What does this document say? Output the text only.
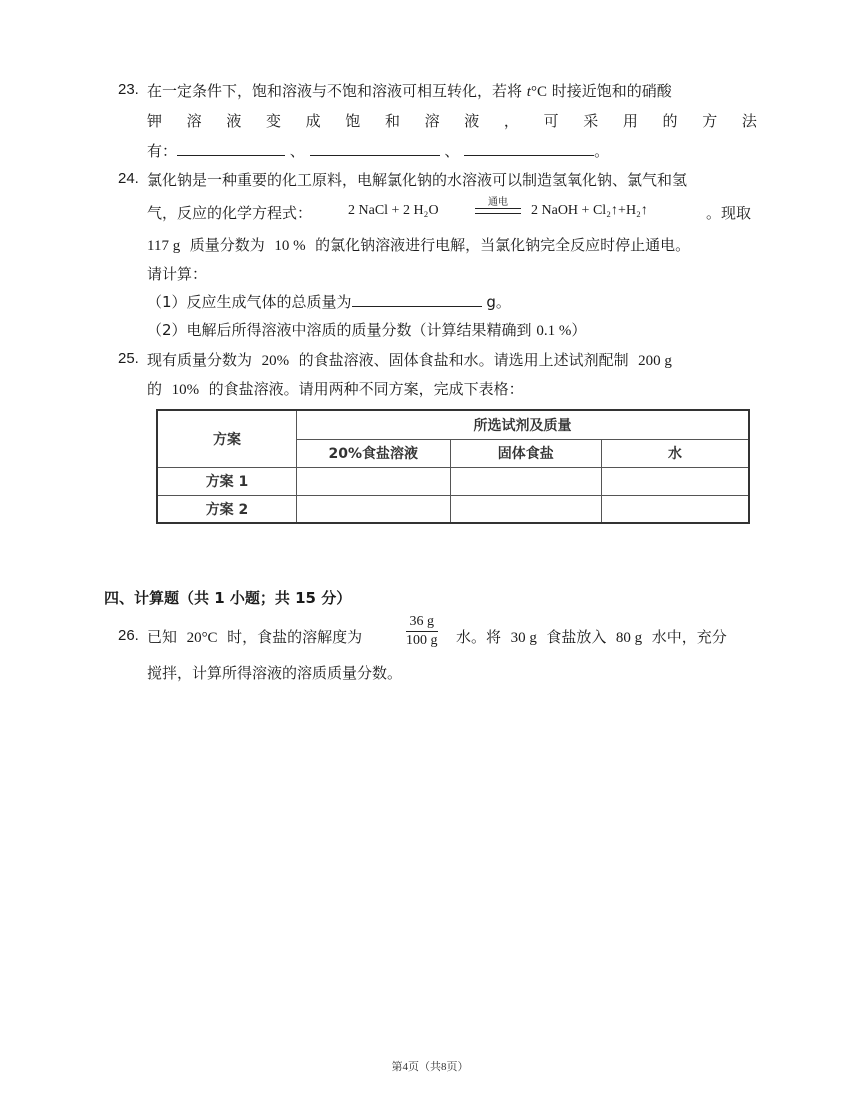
23. 在一定条件下，饱和溶液与不饱和溶液可相互转化，若将 t°C 时接近饱和的硝酸
钾 溶 液 变 成 饱 和 溶 液 ， 可 采 用 的 方 法
有：	、	、	。
24. 氯化钠是一种重要的化工原料，电解氯化钠的水溶液可以制造氢氧化钠、氯气和氢
气，反应的化学方程式：	2 NaCl + 2 H₂O
通电
2 NaOH + Cl₂↑+H₂↑	。现取
117 g 质量分数为 10 % 的氯化钠溶液进行电解，当氯化钠完全反应时停止通电。
请计算：
（1）反应生成气体的总质量为	g。
（2）电解后所得溶液中溶质的质量分数（计算结果精确到 0.1 %）
25. 现有质量分数为 20% 的食盐溶液、固体食盐和水。请选用上述试剂配制 200 g
的 10% 的食盐溶液。请用两种不同方案，完成下表格：
方案	所选试剂及质量		
	20%食盐溶液	固体食盐	水
方案 1			
方案 2			
四、计算题（共 1 小题；共 15 分）
26. 已知 20°C 时，食盐的溶解度为	$\frac{36 g}{100 g}$ 水。将 30 g 食盐放入 80 g 水中，充分
搅拌，计算所得溶液的溶质质量分数。
第4页（共8页）
